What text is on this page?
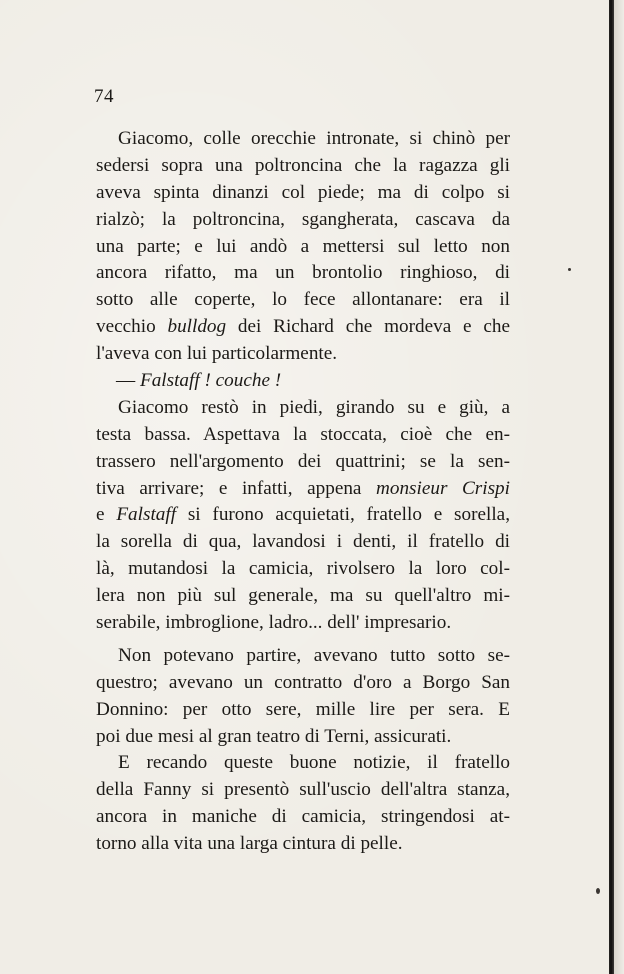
74
Giacomo, colle orecchie intronate, si chinò per
sedersi sopra una poltroncina che la ragazza gli
aveva spinta dinanzi col piede; ma di colpo si
rialzò; la poltroncina, sgangherata, cascava da
una parte; e lui andò a mettersi sul letto non
ancora rifatto, ma un brontolio ringhioso, di
sotto alle coperte, lo fece allontanare: era il
vecchio bulldog dei Richard che mordeva e che
l'aveva con lui particolarmente.
— Falstaff ! couche !
Giacomo restò in piedi, girando su e giù, a
testa bassa. Aspettava la stoccata, cioè che en-
trassero nell'argomento dei quattrini; se la sen-
tiva arrivare; e infatti, appena monsieur Crispi
e Falstaff si furono acquietati, fratello e sorella,
la sorella di qua, lavandosi i denti, il fratello di
là, mutandosi la camicia, rivolsero la loro col-
lera non più sul generale, ma su quell'altro mi-
serabile, imbroglione, ladro... dell' impresario.
Non potevano partire, avevano tutto sotto se-
questro; avevano un contratto d'oro a Borgo San
Donnino: per otto sere, mille lire per sera. E
poi due mesi al gran teatro di Terni, assicurati.
E recando queste buone notizie, il fratello
della Fanny si presentò sull'uscio dell'altra stanza,
ancora in maniche di camicia, stringendosi at-
torno alla vita una larga cintura di pelle.
